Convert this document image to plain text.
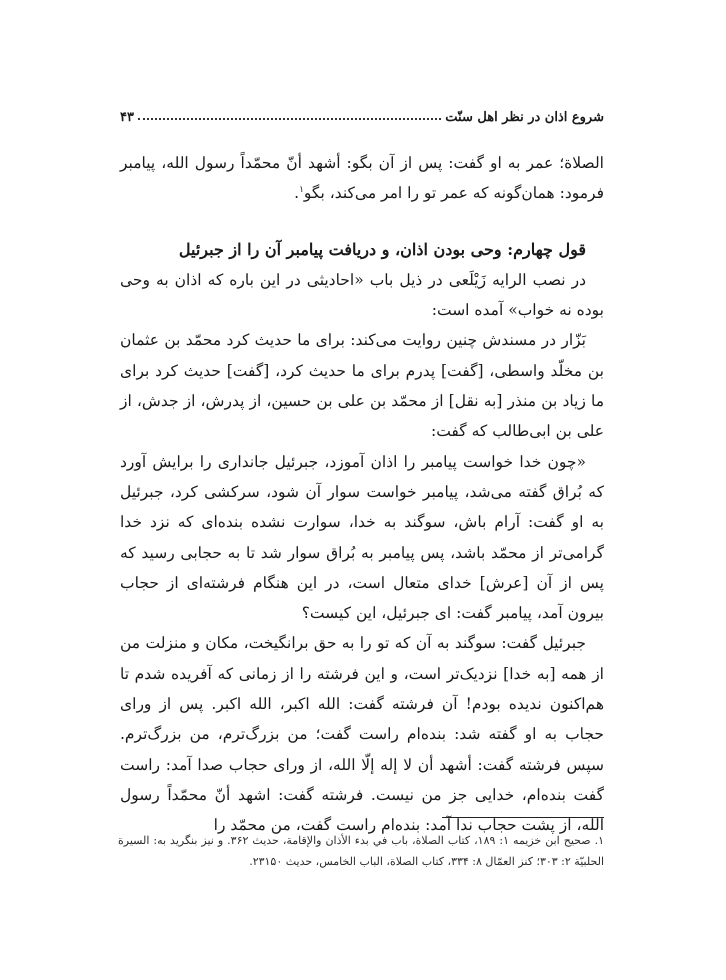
شروع اذان در نظر اهل سنّت
۴۳

الصلاة؛ عمر به او گفت: پس از آن بگو: أشهد أنّ محمّداً رسول الله، پیامبر فرمود: همان‌گونه که عمر تو را امر می‌کند، بگو$^۱$.

قول چهارم: وحی بودن اذان، و دریافت پیامبر آن را از جبرئیل

در نصب الرایه زَیْلَعی در ذیل باب «احادیثی در این باره که اذان به وحی بوده نه خواب» آمده است:

بَزّار در مسندش چنین روایت می‌کند: برای ما حدیث کرد محمّد بن عثمان بن مخلّد واسطی، [گفت] پدرم برای ما حدیث کرد، [گفت] حدیث کرد برای ما زیاد بن منذر [به نقل] از محمّد بن علی بن حسین، از پدرش، از جدش، از علی بن ابی‌طالب که گفت:

«چون خدا خواست پیامبر را اذان آموزد، جبرئیل جانداری را برایش آورد که بُراق گفته می‌شد، پیامبر خواست سوار آن شود، سرکشی کرد، جبرئیل به او گفت: آرام باش، سوگند به خدا، سوارت نشده بنده‌ای که نزد خدا گرامی‌تر از محمّد باشد، پس پیامبر به بُراق سوار شد تا به حجابی رسید که پس از آن [عرش] خدای متعال است، در این هنگام فرشته‌ای از حجاب بیرون آمد، پیامبر گفت: ای جبرئیل، این کیست؟

جبرئیل گفت: سوگند به آن که تو را به حق برانگیخت، مکان و منزلت من از همه [به خدا] نزدیک‌تر است، و این فرشته را از زمانی که آفریده شدم تا هم‌اکنون ندیده بودم! آن فرشته گفت: الله اکبر، الله اکبر. پس از ورای حجاب به او گفته شد: بنده‌ام راست گفت؛ من بزرگ‌ترم، من بزرگ‌ترم. سپس فرشته گفت: أشهد أن لا إله إلّا الله، از ورای حجاب صدا آمد: راست گفت بنده‌ام، خدایی جز من نیست. فرشته گفت: اشهد أنّ محمّداً رسول الله، از پشت حجاب ندا آمد: بنده‌ام راست گفت، من محمّد را

۱. صحیح ابن خزیمه ۱: ۱۸۹، کتاب الصلاة، باب في بدء الأذان والإقامة، حدیث ۳۶۲. و نیز بنگرید به: السیرة الحلبیّة ۲: ۳۰۳؛ کنز العمّال ۸: ۳۳۴، کتاب الصلاة، الباب الخامس، حدیث ۲۳۱۵۰.
